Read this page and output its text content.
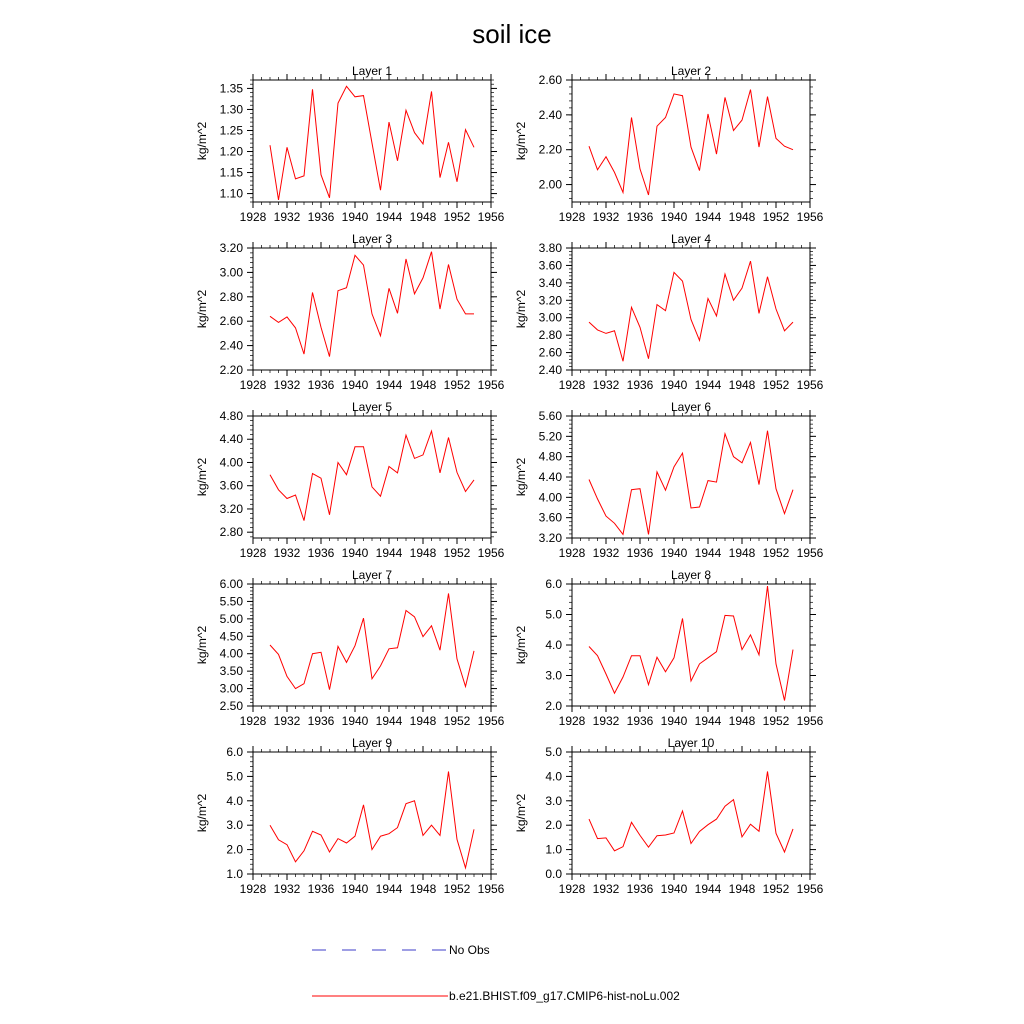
soil ice
Layer 1
kg/m^2
1928 1932 1936 1940 1944 1948 1952 1956
1.10
1.15
1.20
1.25
1.30
1.35
Layer 2
kg/m^2
1928 1932 1936 1940 1944 1948 1952 1956
2.00
2.20
2.40
2.60
Layer 3
kg/m^2
1928 1932 1936 1940 1944 1948 1952 1956
2.20
2.40
2.60
2.80
3.00
3.20
Layer 4
kg/m^2
1928 1932 1936 1940 1944 1948 1952 1956
2.40
2.60
2.80
3.00
3.20
3.40
3.60
3.80
Layer 5
kg/m^2
1928 1932 1936 1940 1944 1948 1952 1956
2.80
3.20
3.60
4.00
4.40
4.80
Layer 6
kg/m^2
1928 1932 1936 1940 1944 1948 1952 1956
3.20
3.60
4.00
4.40
4.80
5.20
5.60
Layer 7
kg/m^2
1928 1932 1936 1940 1944 1948 1952 1956
2.50
3.00
3.50
4.00
4.50
5.00
5.50
6.00
Layer 8
kg/m^2
1928 1932 1936 1940 1944 1948 1952 1956
2.0
3.0
4.0
5.0
6.0
Layer 9
kg/m^2
1928 1932 1936 1940 1944 1948 1952 1956
1.0
2.0
3.0
4.0
5.0
6.0
Layer 10
kg/m^2
1928 1932 1936 1940 1944 1948 1952 1956
0.0
1.0
2.0
3.0
4.0
5.0
No Obs
b.e21.BHIST.f09_g17.CMIP6-hist-noLu.002
